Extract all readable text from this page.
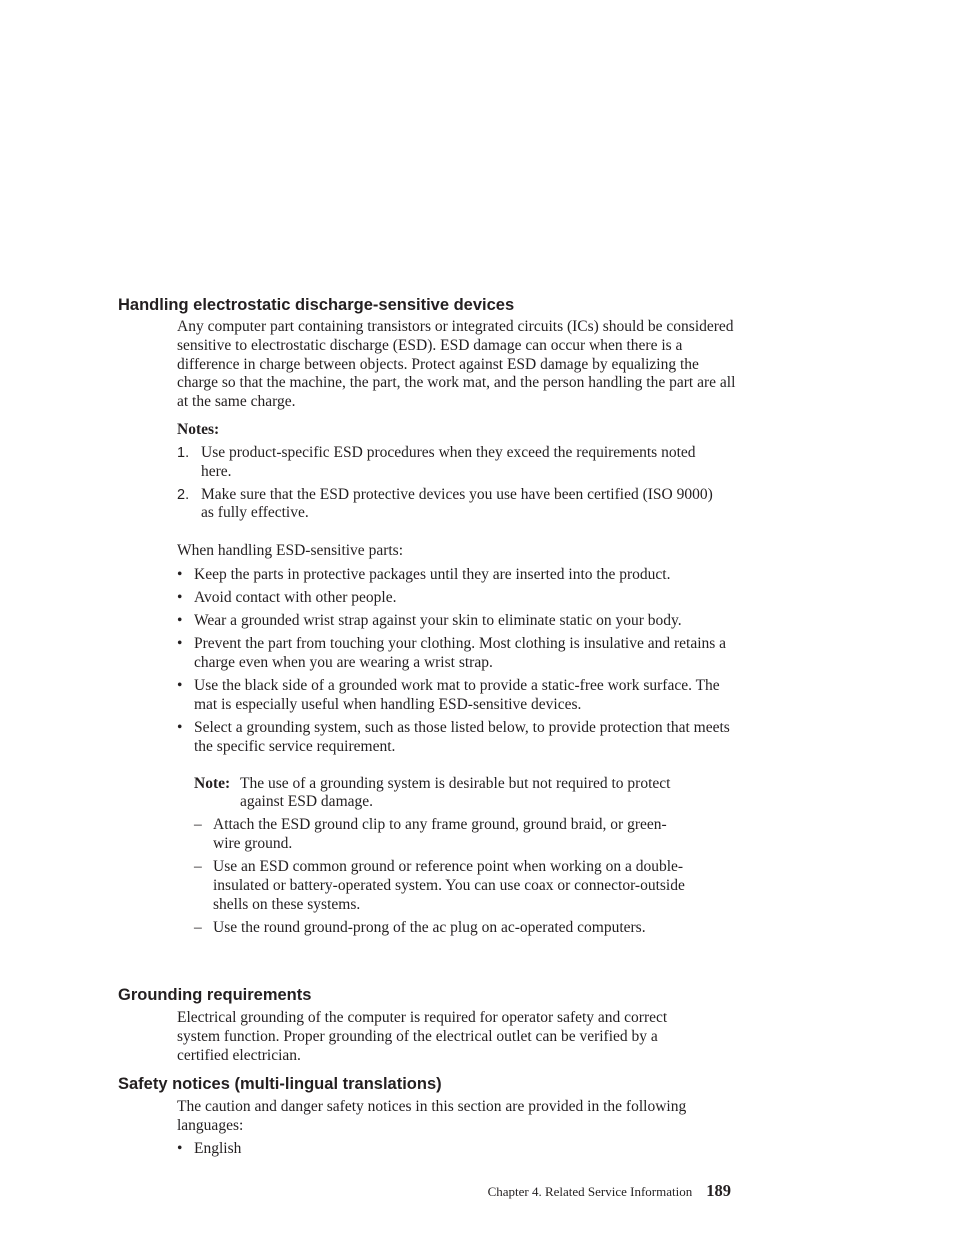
Handling electrostatic discharge-sensitive devices

Any computer part containing transistors or integrated circuits (ICs) should be considered sensitive to electrostatic discharge (ESD). ESD damage can occur when there is a difference in charge between objects. Protect against ESD damage by equalizing the charge so that the machine, the part, the work mat, and the person handling the part are all at the same charge.

Notes:

1. Use product-specific ESD procedures when they exceed the requirements noted here.
2. Make sure that the ESD protective devices you use have been certified (ISO 9000) as fully effective.

When handling ESD-sensitive parts:

• Keep the parts in protective packages until they are inserted into the product.
• Avoid contact with other people.
• Wear a grounded wrist strap against your skin to eliminate static on your body.
• Prevent the part from touching your clothing. Most clothing is insulative and retains a charge even when you are wearing a wrist strap.
• Use the black side of a grounded work mat to provide a static-free work surface. The mat is especially useful when handling ESD-sensitive devices.
• Select a grounding system, such as those listed below, to provide protection that meets the specific service requirement.
Note: The use of a grounding system is desirable but not required to protect against ESD damage.
– Attach the ESD ground clip to any frame ground, ground braid, or green-wire ground.
– Use an ESD common ground or reference point when working on a double-insulated or battery-operated system. You can use coax or connector-outside shells on these systems.
– Use the round ground-prong of the ac plug on ac-operated computers.
Grounding requirements

Electrical grounding of the computer is required for operator safety and correct system function. Proper grounding of the electrical outlet can be verified by a certified electrician.

Safety notices (multi-lingual translations)

The caution and danger safety notices in this section are provided in the following languages:

• English
Chapter 4. Related Service Information 189
